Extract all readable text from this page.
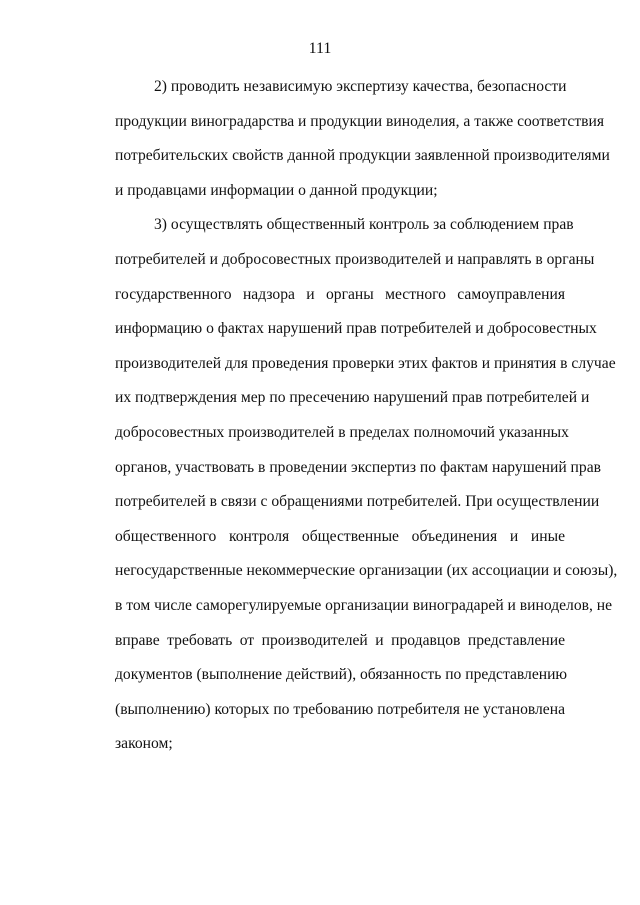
111
2) проводить независимую экспертизу качества, безопасности
продукции виноградарства и продукции виноделия, а также соответствия
потребительских свойств данной продукции заявленной производителями
и продавцами информации о данной продукции;
3) осуществлять общественный контроль за соблюдением прав
потребителей и добросовестных производителей и направлять в органы
государственного надзора и органы местного самоуправления
информацию о фактах нарушений прав потребителей и добросовестных
производителей для проведения проверки этих фактов и принятия в случае
их подтверждения мер по пресечению нарушений прав потребителей и
добросовестных производителей в пределах полномочий указанных
органов, участвовать в проведении экспертиз по фактам нарушений прав
потребителей в связи с обращениями потребителей. При осуществлении
общественного контроля общественные объединения и иные
негосударственные некоммерческие организации (их ассоциации и союзы),
в том числе саморегулируемые организации виноградарей и виноделов, не
вправе требовать от производителей и продавцов представление
документов (выполнение действий), обязанность по представлению
(выполнению) которых по требованию потребителя не установлена
законом;
